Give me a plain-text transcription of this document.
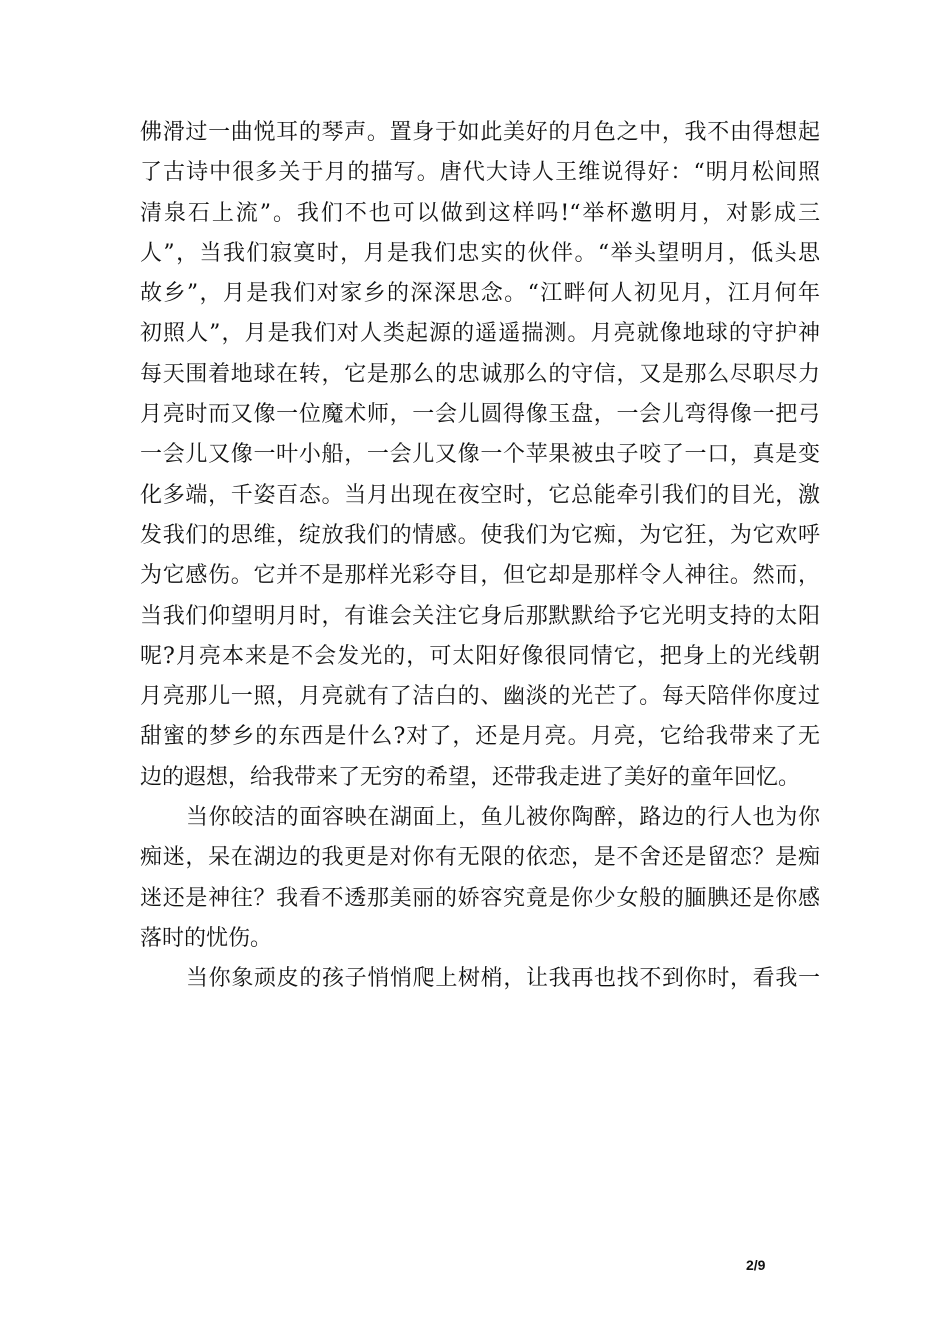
佛滑过一曲悦耳的琴声。置身于如此美好的月色之中，我不由得想起
了古诗中很多关于月的描写。唐代大诗人王维说得好：“明月松间照
清泉石上流”。我们不也可以做到这样吗!“举杯邀明月，对影成三
人”，当我们寂寞时，月是我们忠实的伙伴。“举头望明月，低头思
故乡”，月是我们对家乡的深深思念。“江畔何人初见月，江月何年
初照人”，月是我们对人类起源的遥遥揣测。月亮就像地球的守护神
每天围着地球在转，它是那么的忠诚那么的守信，又是那么尽职尽力
月亮时而又像一位魔术师，一会儿圆得像玉盘，一会儿弯得像一把弓
一会儿又像一叶小船，一会儿又像一个苹果被虫子咬了一口，真是变
化多端，千姿百态。当月出现在夜空时，它总能牵引我们的目光，激
发我们的思维，绽放我们的情感。使我们为它痴，为它狂，为它欢呼
为它感伤。它并不是那样光彩夺目，但它却是那样令人神往。然而，
当我们仰望明月时，有谁会关注它身后那默默给予它光明支持的太阳
呢?月亮本来是不会发光的，可太阳好像很同情它，把身上的光线朝
月亮那儿一照，月亮就有了洁白的、幽淡的光芒了。每天陪伴你度过
甜蜜的梦乡的东西是什么?对了，还是月亮。月亮，它给我带来了无
边的遐想，给我带来了无穷的希望，还带我走进了美好的童年回忆。
当你皎洁的面容映在湖面上，鱼儿被你陶醉，路边的行人也为你
痴迷，呆在湖边的我更是对你有无限的依恋，是不舍还是留恋？是痴
迷还是神往？我看不透那美丽的娇容究竟是你少女般的腼腆还是你感
落时的忧伤。
当你象顽皮的孩子悄悄爬上树梢，让我再也找不到你时，看我一
2/9
